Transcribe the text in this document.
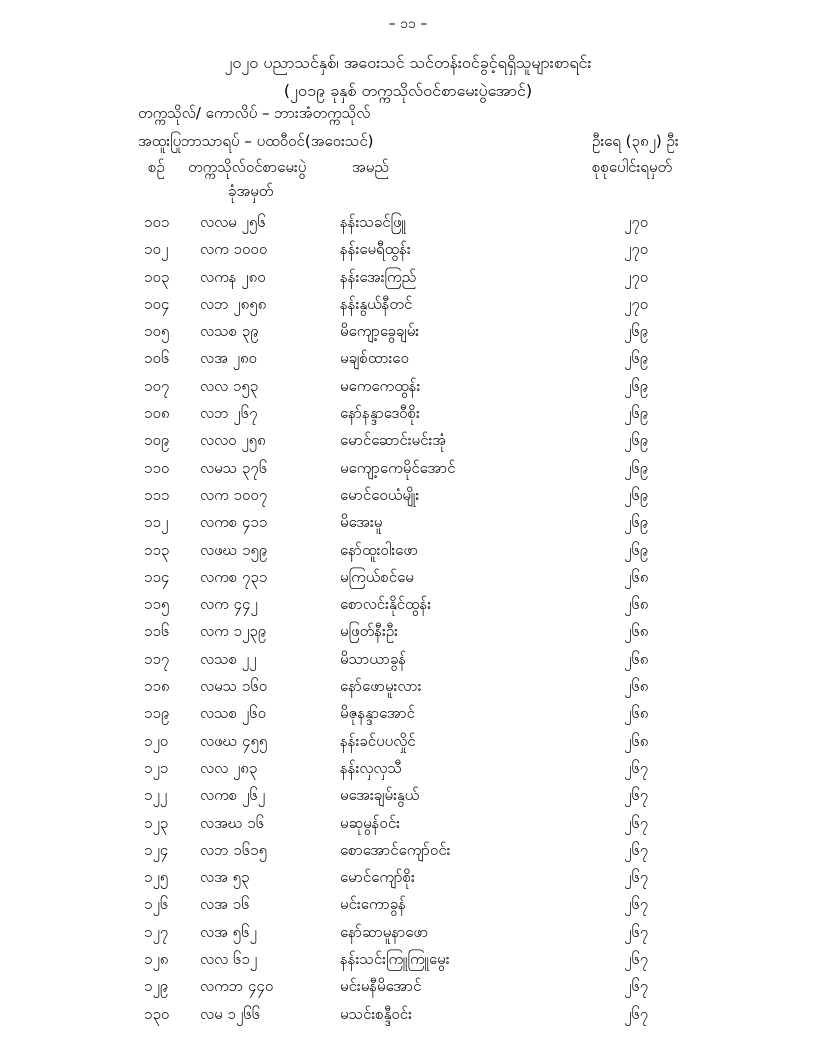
– ၁၁ –
၂၀၂၀ ပညာသင်နှစ်၊ အဝေးသင် သင်တန်းဝင်ခွင့်ရရှိသူများစာရင်း
(၂၀၁၉ ခုနှစ် တက္ကသိုလ်ဝင်စာမေးပွဲအောင်)
တက္ကသိုလ်/ ကောလိပ် – ဘားအံတက္ကသိုလ်
အထူးပြုဘာသာရပ် – ပထဝီဝင်(အဝေးသင်)	ဦးရေ (၃၈၂) ဦး
စဉ် တက္ကသိုလ်ဝင်စာမေးပွဲ
ခုံအမှတ်
အမည်	စုစုပေါင်းရမှတ်
၁၀၁ လလမ ၂၅၆	နန်းသခင်ဖြူ	၂၇၀
၁၀၂ လက ၁၀၀၀	နန်းမေရီထွန်း	၂၇၀
၁၀၃ လကန ၂၈၀	နန်းအေးကြည်	၂၇၀
၁၀၄ လဘ ၂၈၅၈	နန်းနွယ်နီတင်	၂၇၀
၁၀၅ လသစ ၃၉	မိကျော့ခွေချမ်း	၂၆၉
၁၀၆ လအ ၂၈၀	မချစ်ထားဝေ	၂၆၉
၁၀၇ လလ ၁၅၃	မကေကေထွန်း	၂၆၉
၁၀၈ လဘ ၂၆၇	နော်နန္ဒာဒေဝီစိုး	၂၆၉
၁၀၉ လလဝ ၂၅၈	မောင်ဆောင်းမင်းအုံ	၂၆၉
၁၁၀ လမသ ၃၇၆	မကျော့ကေမိုင်အောင်	၂၆၉
၁၁၁ လက ၁၀၀၇	မောင်ဝေယံမျိုး	၂၆၉
၁၁၂ လကစ ၄၁၁	မိအေးမူ	၂၆၉
၁၁၃ လဖဃ ၁၅၉	နော်ထူးဝါးဖော	၂၆၉
၁၁၄ လကစ ၇၃၁	မကြယ်စင်မေ	၂၆၈
၁၁၅ လက ၄၄၂	စောလင်းနိုင်ထွန်း	၂၆၈
၁၁၆ လက ၁၂၃၉	မဖြတ်နီးဦး	၂၆၈
၁၁၇ လသစ ၂၂	မိသာယာခွန်	၂၆၈
၁၁၈ လမသ ၁၆၀	နော်ဖောမူးလား	၂၆၈
၁၁၉ လသစ ၂၆၀	မိဇုနန္ဒာအောင်	၂၆၈
၁၂၀ လဖဃ ၄၅၅	နန်းခင်ပပလှိုင်	၂၆၈
၁၂၁ လလ ၂၈၃	နန်းလှလှသီ	၂၆၇
၁၂၂ လကစ ၂၆၂	မအေးချမ်းနွယ်	၂၆၇
၁၂၃ လအဃ ၁၆	မဆုမွန်ဝင်း	၂၆၇
၁၂၄ လဘ ၁၆၁၅	စောအောင်ကျော်ဝင်း	၂၆၇
၁၂၅ လအ ၅၃	မောင်ကျော်စိုး	၂၆၇
၁၂၆ လအ ၁၆	မင်းကောခွန်	၂၆၇
၁၂၇ လအ ၅၆၂	နော်ဆာမူနာဖော	၂၆၇
၁၂၈ လလ ၆၁၂	နန်းသင်းကြူကြူမွေး	၂၆၇
၁၂၉ လကဘ ၄၄၀	မင်းမနီမိအောင်	၂၆၇
၁၃၀ လမ ၁၂၆၆	မသင်းစန္ဒီဝင်း	၂၆၇
